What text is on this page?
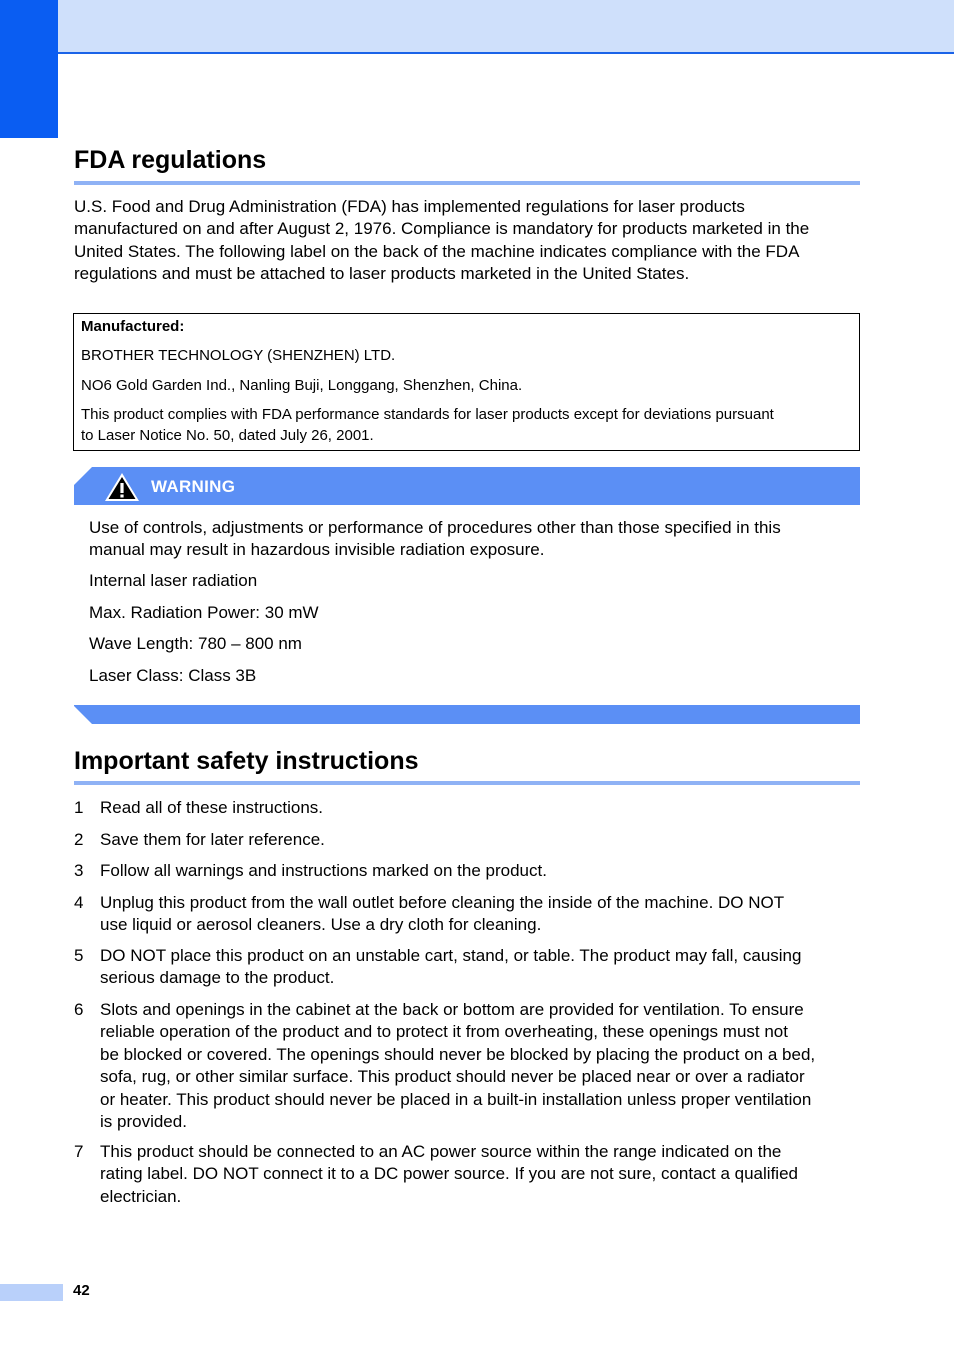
FDA regulations
U.S. Food and Drug Administration (FDA) has implemented regulations for laser products
manufactured on and after August 2, 1976. Compliance is mandatory for products marketed in the
United States. The following label on the back of the machine indicates compliance with the FDA
regulations and must be attached to laser products marketed in the United States.
Manufactured:
BROTHER TECHNOLOGY (SHENZHEN) LTD.
NO6 Gold Garden Ind., Nanling Buji, Longgang, Shenzhen, China.
This product complies with FDA performance standards for laser products except for deviations pursuant
to Laser Notice No. 50, dated July 26, 2001.
WARNING
Use of controls, adjustments or performance of procedures other than those specified in this
manual may result in hazardous invisible radiation exposure.
Internal laser radiation
Max. Radiation Power: 30 mW
Wave Length: 780 – 800 nm
Laser Class: Class 3B
Important safety instructions
1 Read all of these instructions.
2 Save them for later reference.
3 Follow all warnings and instructions marked on the product.
4 Unplug this product from the wall outlet before cleaning the inside of the machine. DO NOT
use liquid or aerosol cleaners. Use a dry cloth for cleaning.
5 DO NOT place this product on an unstable cart, stand, or table. The product may fall, causing
serious damage to the product.
6 Slots and openings in the cabinet at the back or bottom are provided for ventilation. To ensure
reliable operation of the product and to protect it from overheating, these openings must not
be blocked or covered. The openings should never be blocked by placing the product on a bed,
sofa, rug, or other similar surface. This product should never be placed near or over a radiator
or heater. This product should never be placed in a built-in installation unless proper ventilation
is provided.
7 This product should be connected to an AC power source within the range indicated on the
rating label. DO NOT connect it to a DC power source. If you are not sure, contact a qualified
electrician.
42
